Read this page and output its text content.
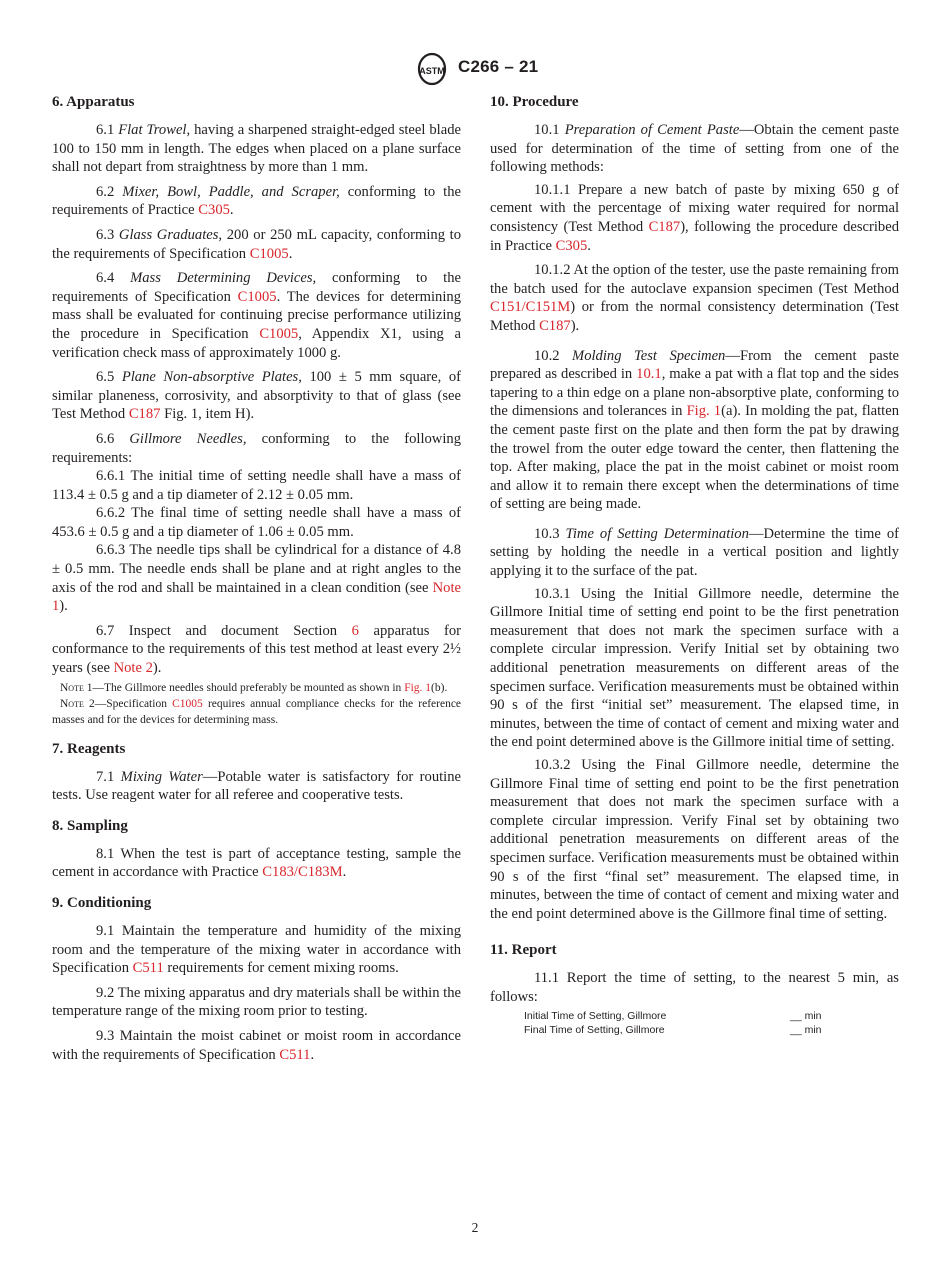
ASTM C266 – 21
6. Apparatus

6.1 Flat Trowel, having a sharpened straight-edged steel blade 100 to 150 mm in length. The edges when placed on a plane surface shall not depart from straightness by more than 1 mm.

6.2 Mixer, Bowl, Paddle, and Scraper, conforming to the requirements of Practice C305.

6.3 Glass Graduates, 200 or 250 mL capacity, conforming to the requirements of Specification C1005.

6.4 Mass Determining Devices, conforming to the requirements of Specification C1005. The devices for determining mass shall be evaluated for continuing precise performance utilizing the procedure in Specification C1005, Appendix X1, using a verification check mass of approximately 1000 g.

6.5 Plane Non-absorptive Plates, 100 ± 5 mm square, of similar planeness, corrosivity, and absorptivity to that of glass (see Test Method C187 Fig. 1, item H).

6.6 Gillmore Needles, conforming to the following requirements:

6.6.1 The initial time of setting needle shall have a mass of 113.4 ± 0.5 g and a tip diameter of 2.12 ± 0.05 mm.

6.6.2 The final time of setting needle shall have a mass of 453.6 ± 0.5 g and a tip diameter of 1.06 ± 0.05 mm.

6.6.3 The needle tips shall be cylindrical for a distance of 4.8 ± 0.5 mm. The needle ends shall be plane and at right angles to the axis of the rod and shall be maintained in a clean condition (see Note 1).

6.7 Inspect and document Section 6 apparatus for conformance to the requirements of this test method at least every 2½ years (see Note 2).

Note 1—The Gillmore needles should preferably be mounted as shown in Fig. 1(b).

Note 2—Specification C1005 requires annual compliance checks for the reference masses and for the devices for determining mass.

7. Reagents

7.1 Mixing Water—Potable water is satisfactory for routine tests. Use reagent water for all referee and cooperative tests.

8. Sampling

8.1 When the test is part of acceptance testing, sample the cement in accordance with Practice C183/C183M.

9. Conditioning

9.1 Maintain the temperature and humidity of the mixing room and the temperature of the mixing water in accordance with Specification C511 requirements for cement mixing rooms.

9.2 The mixing apparatus and dry materials shall be within the temperature range of the mixing room prior to testing.

9.3 Maintain the moist cabinet or moist room in accordance with the requirements of Specification C511.

10. Procedure

10.1 Preparation of Cement Paste—Obtain the cement paste used for determination of the time of setting from one of the following methods:

10.1.1 Prepare a new batch of paste by mixing 650 g of cement with the percentage of mixing water required for normal consistency (Test Method C187), following the procedure described in Practice C305.

10.1.2 At the option of the tester, use the paste remaining from the batch used for the autoclave expansion specimen (Test Method C151/C151M) or from the normal consistency determination (Test Method C187).

10.2 Molding Test Specimen—From the cement paste prepared as described in 10.1, make a pat with a flat top and the sides tapering to a thin edge on a plane non-absorptive plate, conforming to the dimensions and tolerances in Fig. 1(a). In molding the pat, flatten the cement paste first on the plate and then form the pat by drawing the trowel from the outer edge toward the center, then flattening the top. After making, place the pat in the moist cabinet or moist room and allow it to remain there except when the determinations of time of setting are being made.

10.3 Time of Setting Determination—Determine the time of setting by holding the needle in a vertical position and lightly applying it to the surface of the pat.

10.3.1 Using the Initial Gillmore needle, determine the Gillmore Initial time of setting end point to be the first penetration measurement that does not mark the specimen surface with a complete circular impression. Verify Initial set by obtaining two additional penetration measurements on different areas of the specimen surface. Verification measurements must be obtained within 90 s of the first “initial set” measurement. The elapsed time, in minutes, between the time of contact of cement and mixing water and the end point determined above is the Gillmore initial time of setting.

10.3.2 Using the Final Gillmore needle, determine the Gillmore Final time of setting end point to be the first penetration measurement that does not mark the specimen surface with a complete circular impression. Verify Final set by obtaining two additional penetration measurements on different areas of the specimen surface. Verification measurements must be obtained within 90 s of the first “final set” measurement. The elapsed time, in minutes, between the time of contact of cement and mixing water and the end point determined above is the Gillmore final time of setting.

11. Report

11.1 Report the time of setting, to the nearest 5 min, as follows:

Initial Time of Setting, Gillmore	__ min
Final Time of Setting, Gillmore	__ min
2
